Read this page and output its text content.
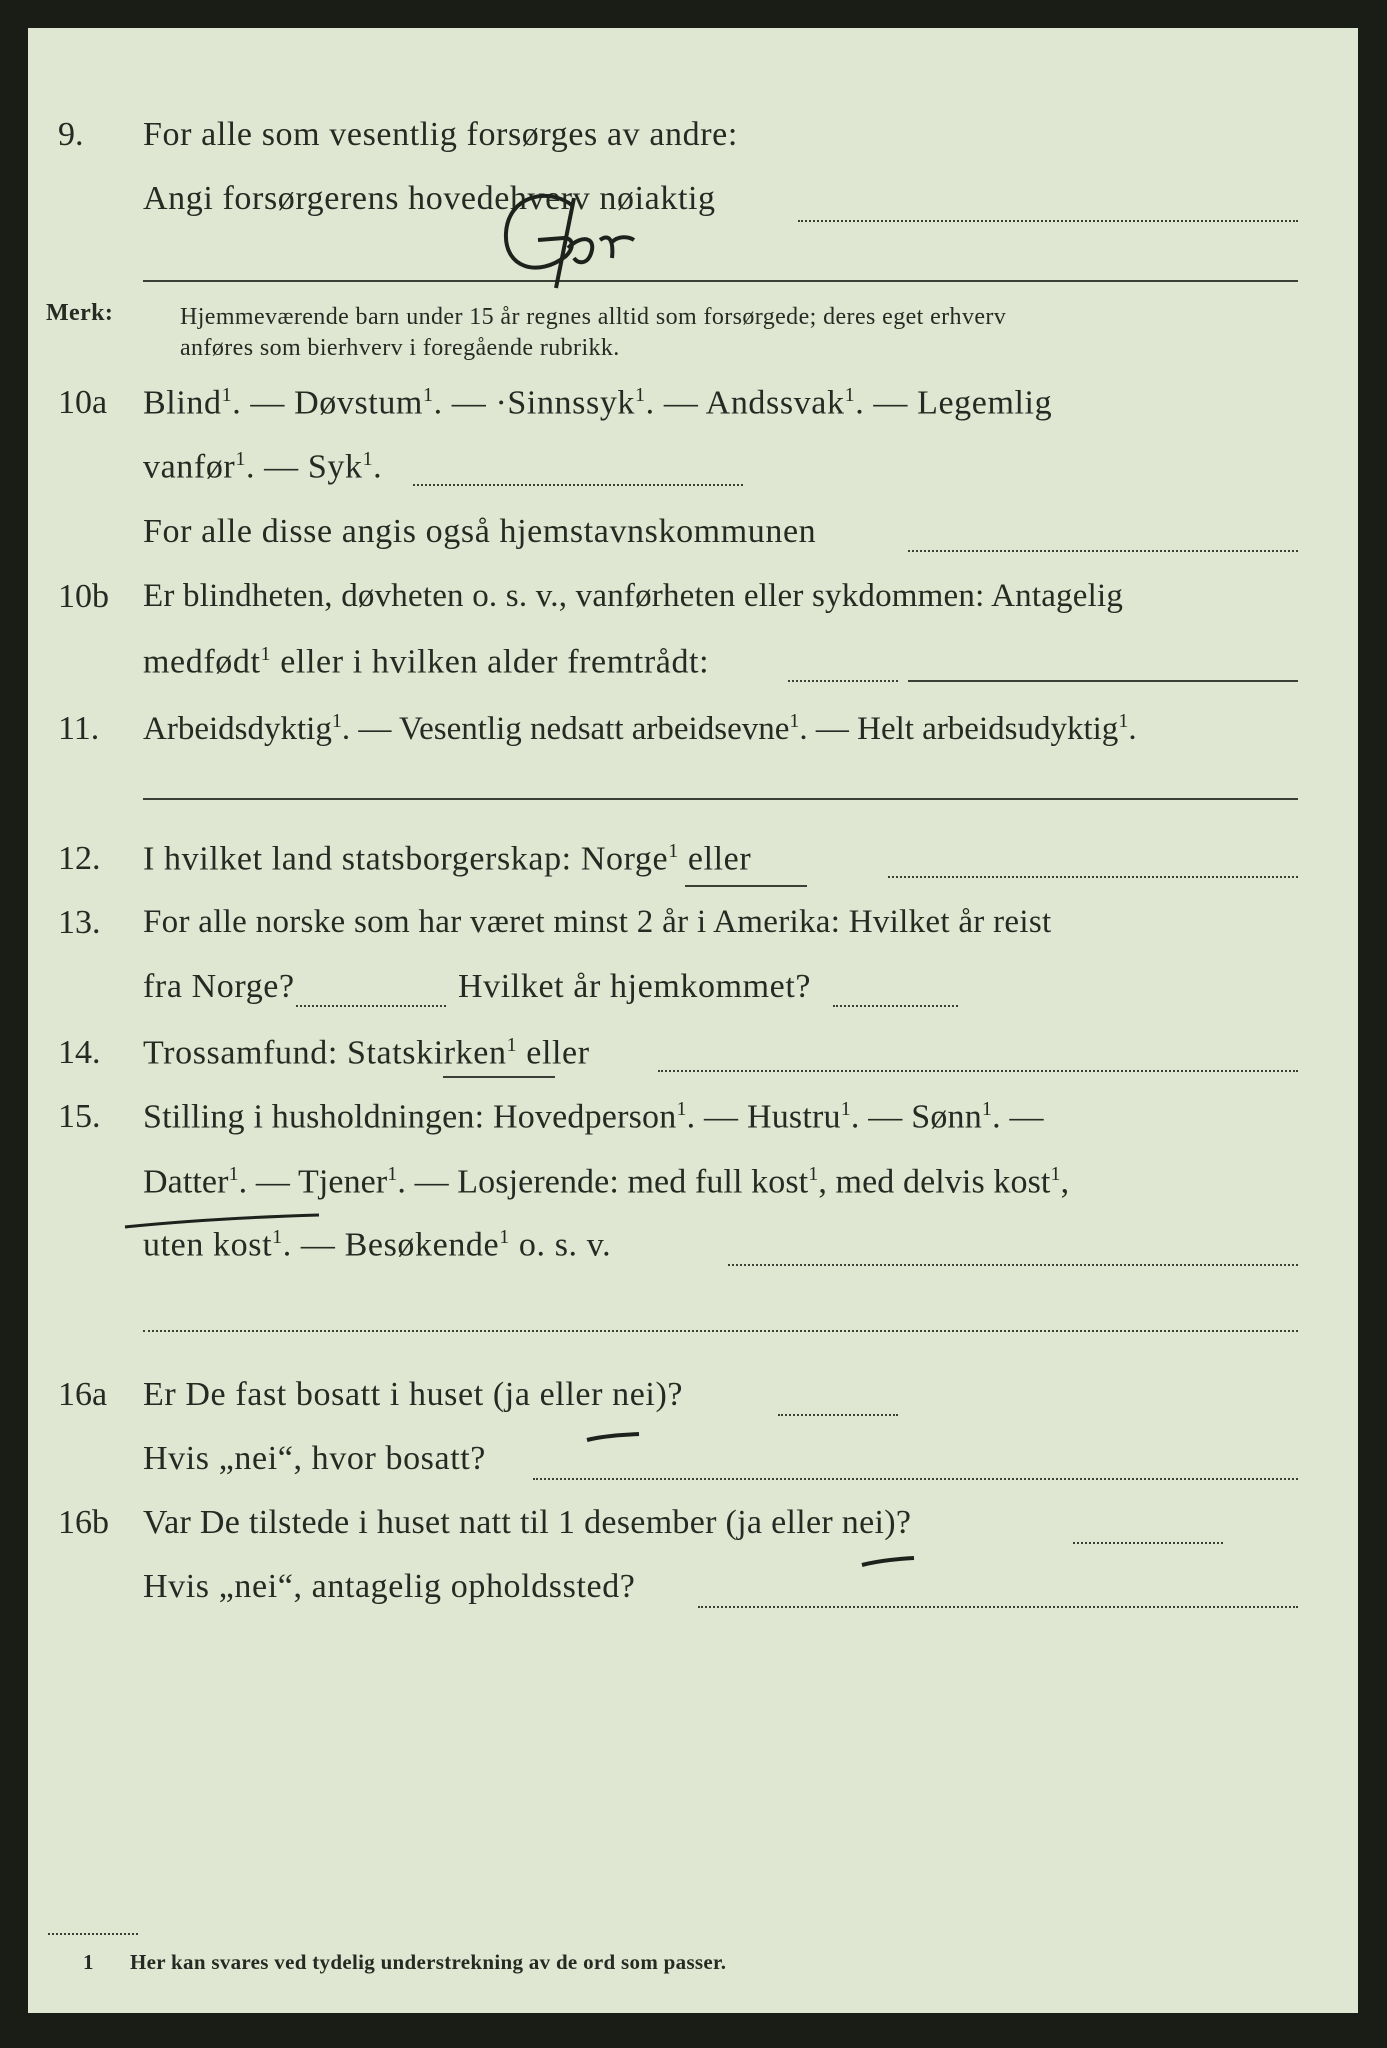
9. For alle som vesentlig forsørges av andre:
Angi forsørgerens hovedehverv nøiaktig
Merk:	Hjemmeværende barn under 15 år regnes alltid som forsørgede; deres eget erhverv
anføres som bierhverv i foregående rubrikk.
10a Blind$^1$. — Døvstum$^1$. — ·Sinnssyk$^1$. — Andssvak$^1$. — Legemlig
vanfør$^1$. — Syk$^1$.
For alle disse angis også hjemstavnskommunen
10b Er blindheten, døvheten o. s. v., vanførheten eller sykdommen: Antagelig
medfødt$^1$ eller i hvilken alder fremtrådt:
11. Arbeidsdyktig$^1$. — Vesentlig nedsatt arbeidsevne$^1$. — Helt arbeidsudyktig$^1$.
12. I hvilket land statsborgerskap: Norge$^1$ eller
13. For alle norske som har været minst 2 år i Amerika: Hvilket år reist
fra Norge?	Hvilket år hjemkommet?
14. Trossamfund: Statskirken$^1$ eller
15. Stilling i husholdningen: Hovedperson$^1$. — Hustru$^1$. — Sønn$^1$. —
Datter$^1$. — Tjener$^1$. — Losjerende: med full kost$^1$, med delvis kost$^1$,
uten kost$^1$. — Besøkende$^1$ o. s. v.
16a Er De fast bosatt i huset (ja eller nei)?
Hvis „nei“, hvor bosatt?
16b Var De tilstede i huset natt til 1 desember (ja eller nei)?
Hvis „nei“, antagelig opholdssted?
1 Her kan svares ved tydelig understrekning av de ord som passer.
